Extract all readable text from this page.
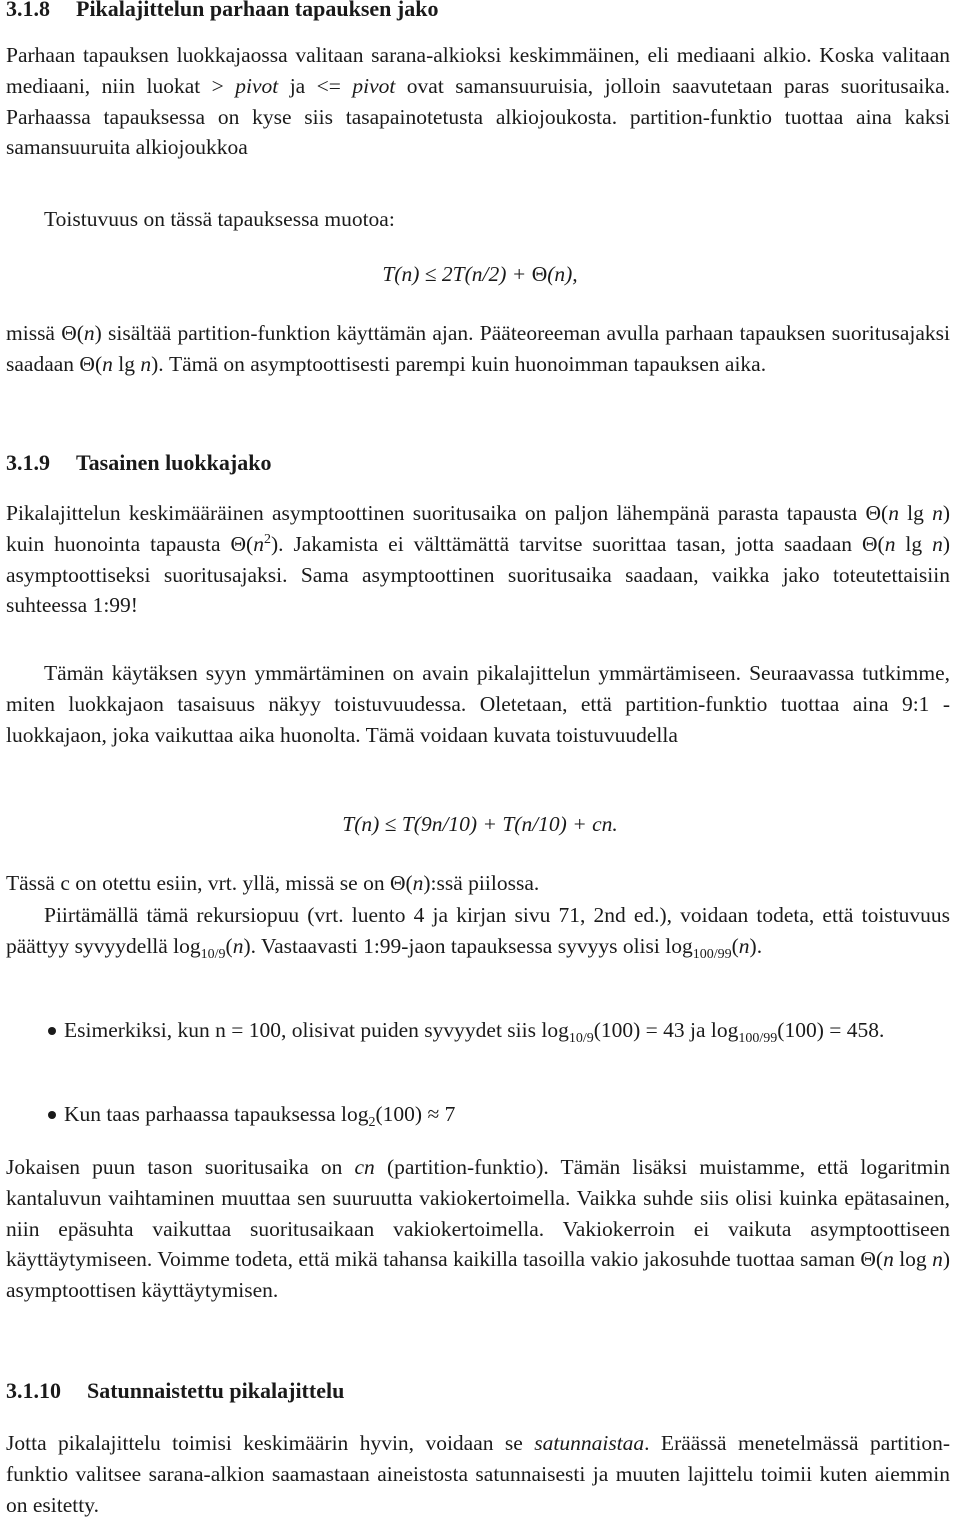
3.1.8 Pikalajittelun parhaan tapauksen jako
Parhaan tapauksen luokkajaossa valitaan sarana-alkioksi keskimmäinen, eli mediaani alkio. Koska valitaan mediaani, niin luokat > pivot ja <= pivot ovat samansuuruisia, jolloin saavutetaan paras suoritusaika. Parhaassa tapauksessa on kyse siis tasapainotetusta alkiojoukosta. partition-funktio tuottaa aina kaksi samansuuruita alkiojoukkoa
Toistuvuus on tässä tapauksessa muotoa:
T(n) ≤ 2T(n/2) + Θ(n),
missä Θ(n) sisältää partition-funktion käyttämän ajan. Pääteoreeman avulla parhaan tapauksen suoritusajaksi saadaan Θ(n lg n). Tämä on asymptoottisesti parempi kuin huonoimman tapauksen aika.
3.1.9 Tasainen luokkajako
Pikalajittelun keskimääräinen asymptoottinen suoritusaika on paljon lähempänä parasta tapausta Θ(n lg n) kuin huonointa tapausta $\Theta(n^2)$. Jakamista ei välttämättä tarvitse suorittaa tasan, jotta saadaan Θ(n lg n) asymptoottiseksi suoritusajaksi. Sama asymptoottinen suoritusaika saadaan, vaikka jako toteutettaisiin suhteessa 1:99!
Tämän käytäksen syyn ymmärtäminen on avain pikalajittelun ymmärtämiseen. Seuraavassa tutkimme, miten luokkajaon tasaisuus näkyy toistuvuudessa. Oletetaan, että partition-funktio tuottaa aina 9:1 -luokkajaon, joka vaikuttaa aika huonolta. Tämä voidaan kuvata toistuvuudella
T(n) ≤ T(9n/10) + T(n/10) + cn.
Tässä c on otettu esiin, vrt. yllä, missä se on Θ(n):ssä piilossa.
Piirtämällä tämä rekursiopuu (vrt. luento 4 ja kirjan sivu 71, 2nd ed.), voidaan todeta, että toistuvuus päättyy syvyydellä $\log_{10/9}(n)$. Vastaavasti 1:99-jaon tapauksessa syvyys olisi $\log_{100/99}(n)$.
Esimerkiksi, kun n = 100, olisivat puiden syvyydet siis $\log_{10/9}(100) = 43$ ja $\log_{100/99}(100) = 458$.
Kun taas parhaassa tapauksessa $\log_2(100) \approx 7$
Jokaisen puun tason suoritusaika on cn (partition-funktio). Tämän lisäksi muistamme, että logaritmin kantaluvun vaihtaminen muuttaa sen suuruutta vakiokertoimella. Vaikka suhde siis olisi kuinka epätasainen, niin epäsuhta vaikuttaa suoritusaikaan vakiokertoimella. Vakiokerroin ei vaikuta asymptoottiseen käyttäytymiseen. Voimme todeta, että mikä tahansa kaikilla tasoilla vakio jakosuhde tuottaa saman Θ(n log n) asymptoottisen käyttäytymisen.
3.1.10 Satunnaistettu pikalajittelu
Jotta pikalajittelu toimisi keskimäärin hyvin, voidaan se satunnaistaa. Eräässä menetelmässä partition-funktio valitsee sarana-alkion saamastaan aineistosta satunnaisesti ja muuten lajittelu toimii kuten aiemmin on esitetty.
